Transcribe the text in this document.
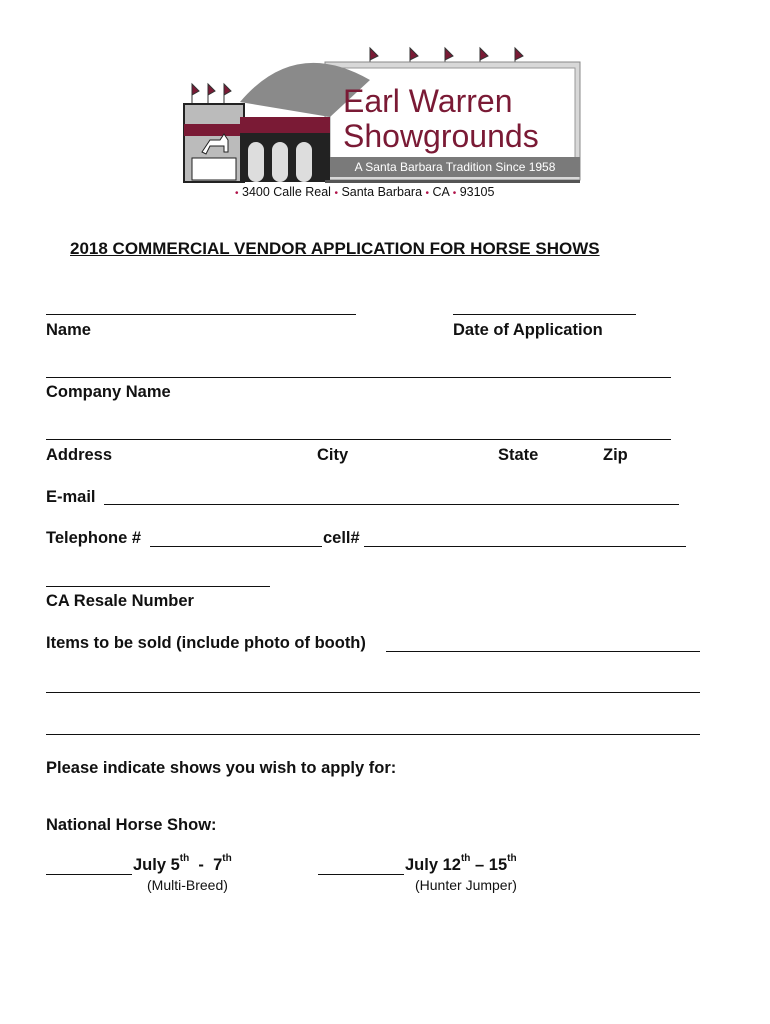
Earl Warren
Showgrounds
A Santa Barbara Tradition Since 1958
• 3400 Calle Real • Santa Barbara • CA • 93105
2018 COMMERCIAL VENDOR APPLICATION FOR HORSE SHOWS
Name	Date of Application
Company Name
Address	City	State	Zip
E-mail
Telephone #	cell#
CA Resale Number
Items to be sold (include photo of booth)
Please indicate shows you wish to apply for:
National Horse Show:
July 5th  -  7th
(Multi-Breed)
July 12th – 15th
(Hunter Jumper)
